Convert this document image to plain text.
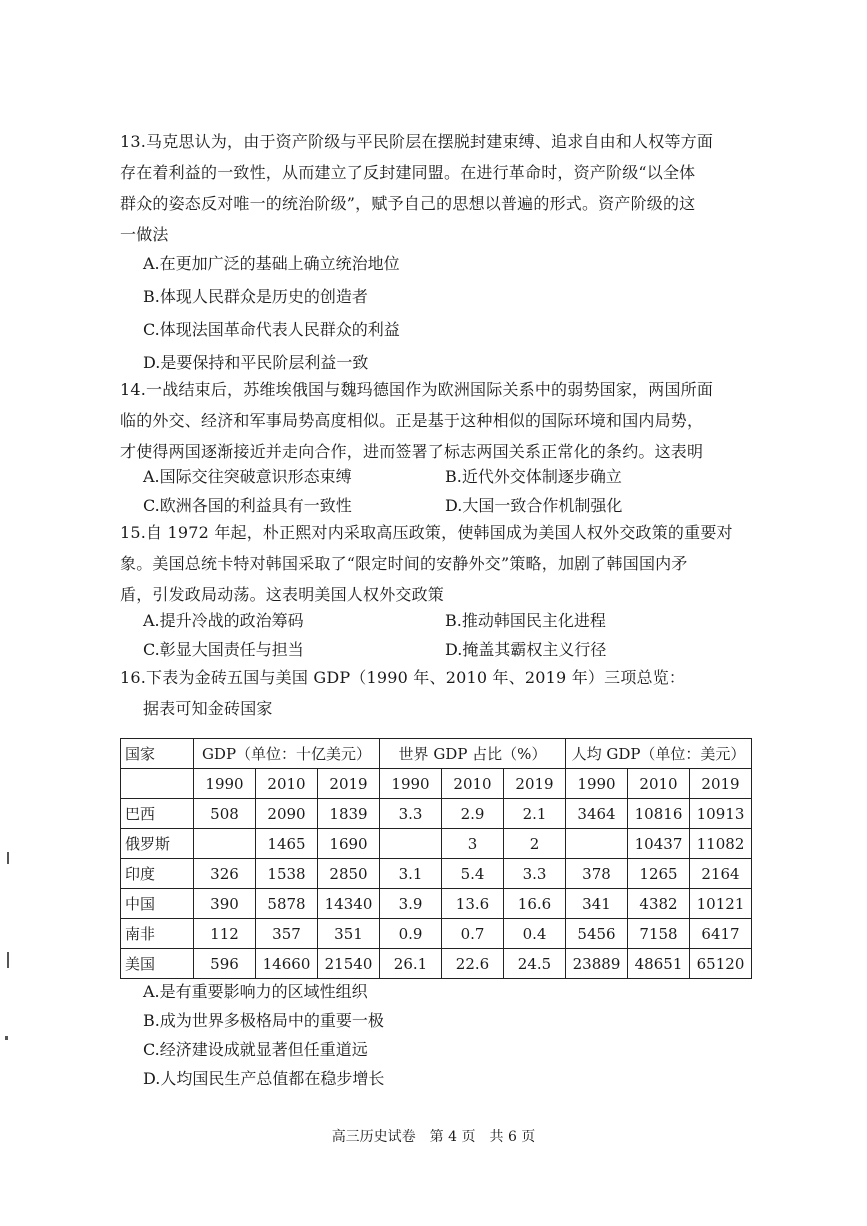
13.马克思认为，由于资产阶级与平民阶层在摆脱封建束缚、追求自由和人权等方面
存在着利益的一致性，从而建立了反封建同盟。在进行革命时，资产阶级“以全体
群众的姿态反对唯一的统治阶级”，赋予自己的思想以普遍的形式。资产阶级的这
一做法
A.在更加广泛的基础上确立统治地位
B.体现人民群众是历史的创造者
C.体现法国革命代表人民群众的利益
D.是要保持和平民阶层利益一致
14.一战结束后，苏维埃俄国与魏玛德国作为欧洲国际关系中的弱势国家，两国所面
临的外交、经济和军事局势高度相似。正是基于这种相似的国际环境和国内局势，
才使得两国逐渐接近并走向合作，进而签署了标志两国关系正常化的条约。这表明
A.国际交往突破意识形态束缚	B.近代外交体制逐步确立
C.欧洲各国的利益具有一致性	D.大国一致合作机制强化
15.自 1972 年起，朴正熙对内采取高压政策，使韩国成为美国人权外交政策的重要对
象。美国总统卡特对韩国采取了“限定时间的安静外交”策略，加剧了韩国国内矛
盾，引发政局动荡。这表明美国人权外交政策
A.提升冷战的政治筹码	B.推动韩国民主化进程
C.彰显大国责任与担当	D.掩盖其霸权主义行径
16.下表为金砖五国与美国 GDP（1990 年、2010 年、2019 年）三项总览：
据表可知金砖国家
国家	GDP（单位：十亿美元）			世界 GDP 占比（%）			人均 GDP（单位：美元）		
	1990	2010	2019	1990	2010	2019	1990	2010	2019
巴西	508	2090	1839	3.3	2.9	2.1	3464	10816	10913
俄罗斯		1465	1690		3	2		10437	11082
印度	326	1538	2850	3.1	5.4	3.3	378	1265	2164
中国	390	5878	14340	3.9	13.6	16.6	341	4382	10121
南非	112	357	351	0.9	0.7	0.4	5456	7158	6417
美国	596	14660	21540	26.1	22.6	24.5	23889	48651	65120
A.是有重要影响力的区域性组织
B.成为世界多极格局中的重要一极
C.经济建设成就显著但任重道远
D.人均国民生产总值都在稳步增长
高三历史试卷　第 4 页　共 6 页
